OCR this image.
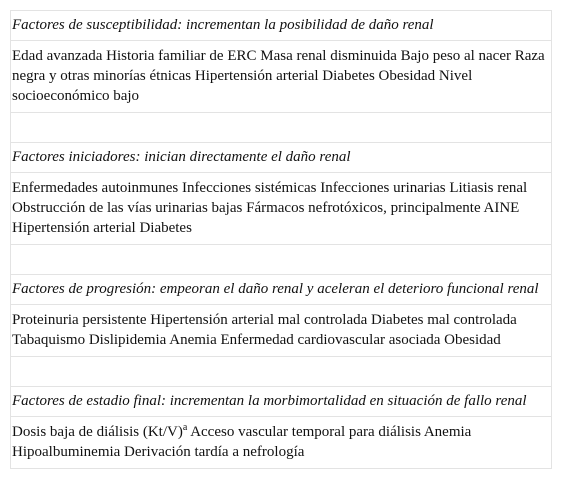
Factores de susceptibilidad: incrementan la posibilidad de daño renal
Edad avanzada Historia familiar de ERC Masa renal disminuida Bajo peso al nacer Raza negra y otras minorías étnicas Hipertensión arterial Diabetes Obesidad Nivel socioeconómico bajo

Factores iniciadores: inician directamente el daño renal
Enfermedades autoinmunes Infecciones sistémicas Infecciones urinarias Litiasis renal Obstrucción de las vías urinarias bajas Fármacos nefrotóxicos, principalmente AINE Hipertensión arterial Diabetes

Factores de progresión: empeoran el daño renal y aceleran el deterioro funcional renal
Proteinuria persistente Hipertensión arterial mal controlada Diabetes mal controlada Tabaquismo Dislipidemia Anemia Enfermedad cardiovascular asociada Obesidad

Factores de estadio final: incrementan la morbimortalidad en situación de fallo renal
Dosis baja de diálisis $(Kt/V)^a$ Acceso vascular temporal para diálisis Anemia Hipoalbuminemia Derivación tardía a nefrología
